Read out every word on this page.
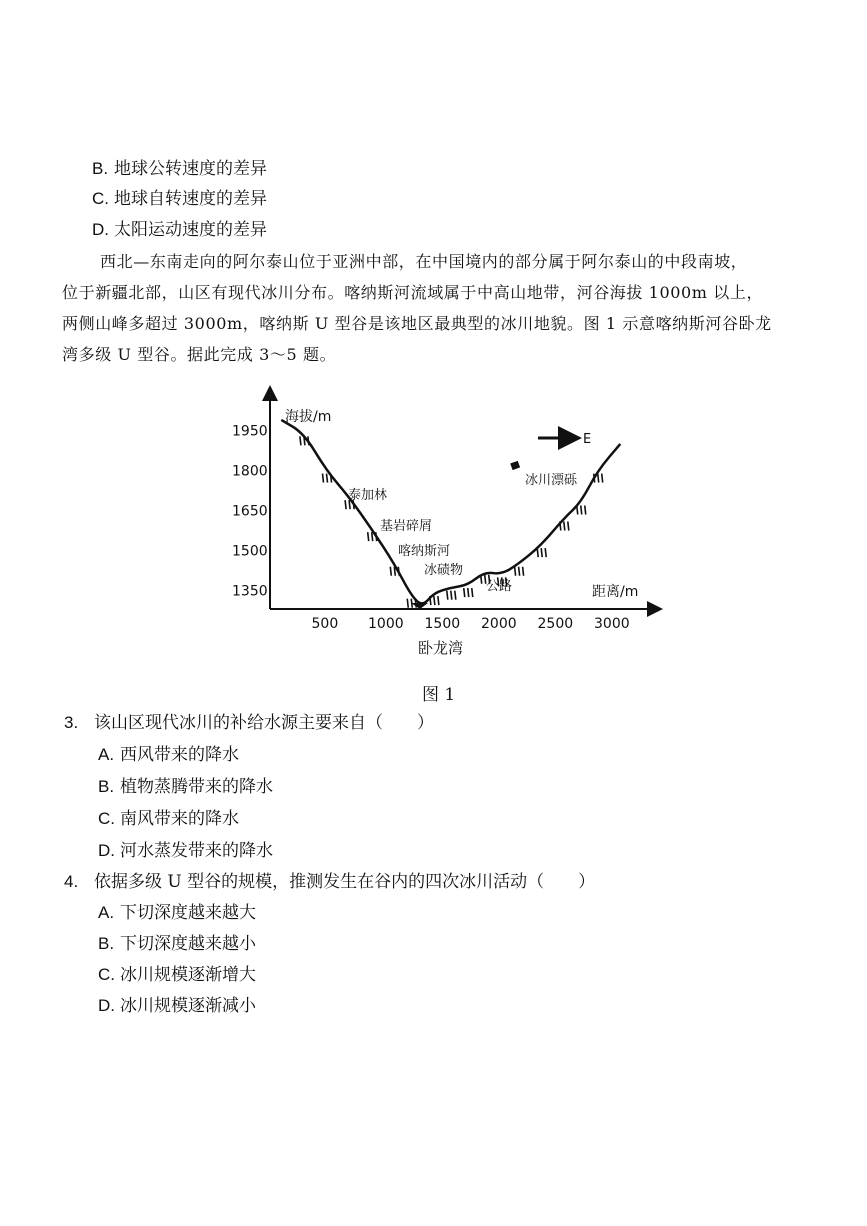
B. 地球公转速度的差异
C. 地球自转速度的差异
D. 太阳运动速度的差异
西北—东南走向的阿尔泰山位于亚洲中部，在中国境内的部分属于阿尔泰山的中段南坡，
位于新疆北部，山区有现代冰川分布。喀纳斯河流域属于中高山地带，河谷海拔 1000m 以上，
两侧山峰多超过 3000m，喀纳斯 U 型谷是该地区最典型的冰川地貌。图 1 示意喀纳斯河谷卧龙
湾多级 U 型谷。据此完成 3～5 题。
海拔/m
距离/m
1950
1800
1650
1500
1350
500 1000 1500 2000 2500 3000
泰加林
基岩碎屑
喀纳斯河
冰碛物
公路
冰川漂砾
E
卧龙湾
图 1
3. 该山区现代冰川的补给水源主要来自（　　）
A. 西风带来的降水
B. 植物蒸腾带来的降水
C. 南风带来的降水
D. 河水蒸发带来的降水
4. 依据多级 U 型谷的规模，推测发生在谷内的四次冰川活动（　　）
A. 下切深度越来越大
B. 下切深度越来越小
C. 冰川规模逐渐增大
D. 冰川规模逐渐减小
